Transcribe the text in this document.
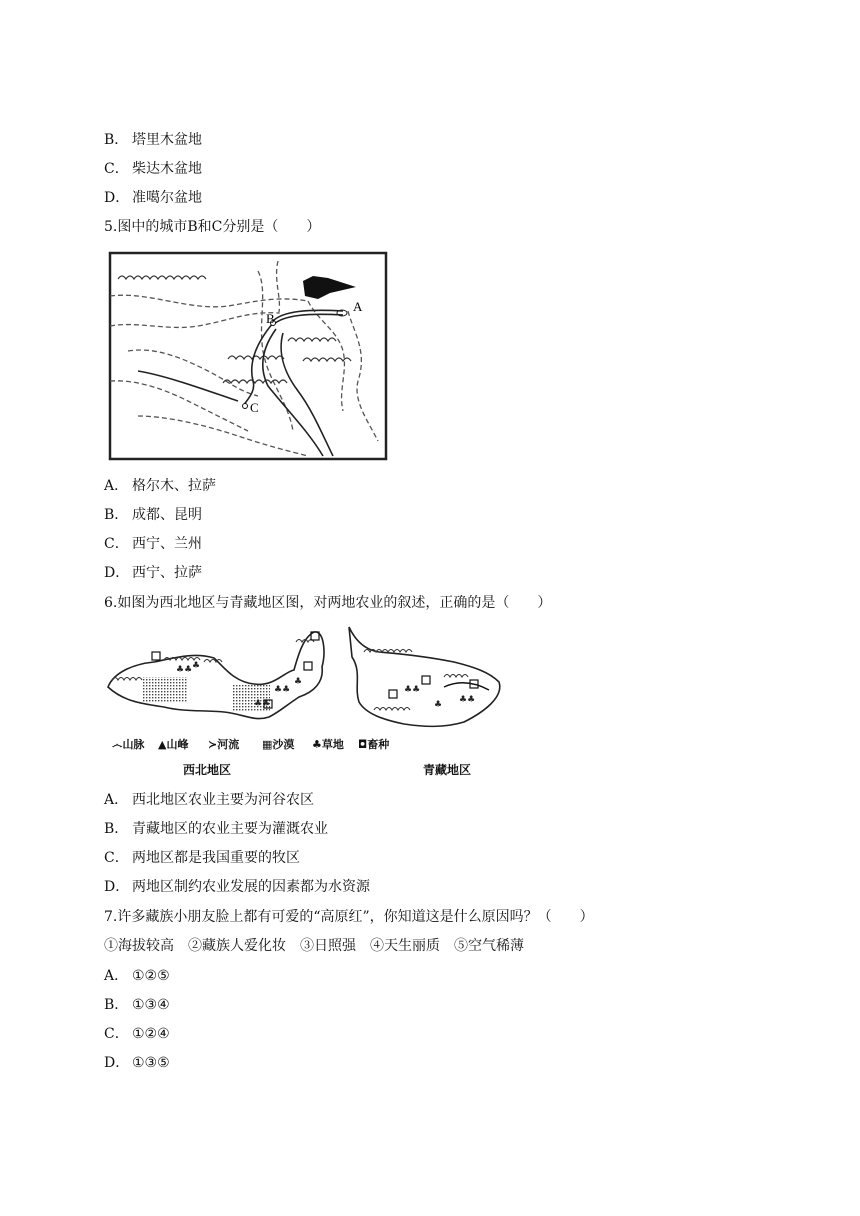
B． 塔里木盆地
C． 柴达木盆地
D． 准噶尔盆地
5.图中的城市B和C分别是（　　）
A
B
C
A． 格尔木、拉萨
B． 成都、昆明
C． 西宁、兰州
D． 西宁、拉萨
6.如图为西北地区与青藏地区图，对两地农业的叙述，正确的是（　　）
♣♣ ♣
♣♣
♣
♣♣
♣♣
♣ ♣♣
෴山脉 ▲山峰 ≻河流 ▦沙漠 ♣草地 ◘畜种
西北地区	青藏地区
A． 西北地区农业主要为河谷农区
B． 青藏地区的农业主要为灌溉农业
C． 两地区都是我国重要的牧区
D． 两地区制约农业发展的因素都为水资源
7.许多藏族小朋友脸上都有可爱的“高原红”，你知道这是什么原因吗？（　　）
①海拔较高　②藏族人爱化妆　③日照强　④天生丽质　⑤空气稀薄
A． ①②⑤
B． ①③④
C． ①②④
D． ①③⑤
